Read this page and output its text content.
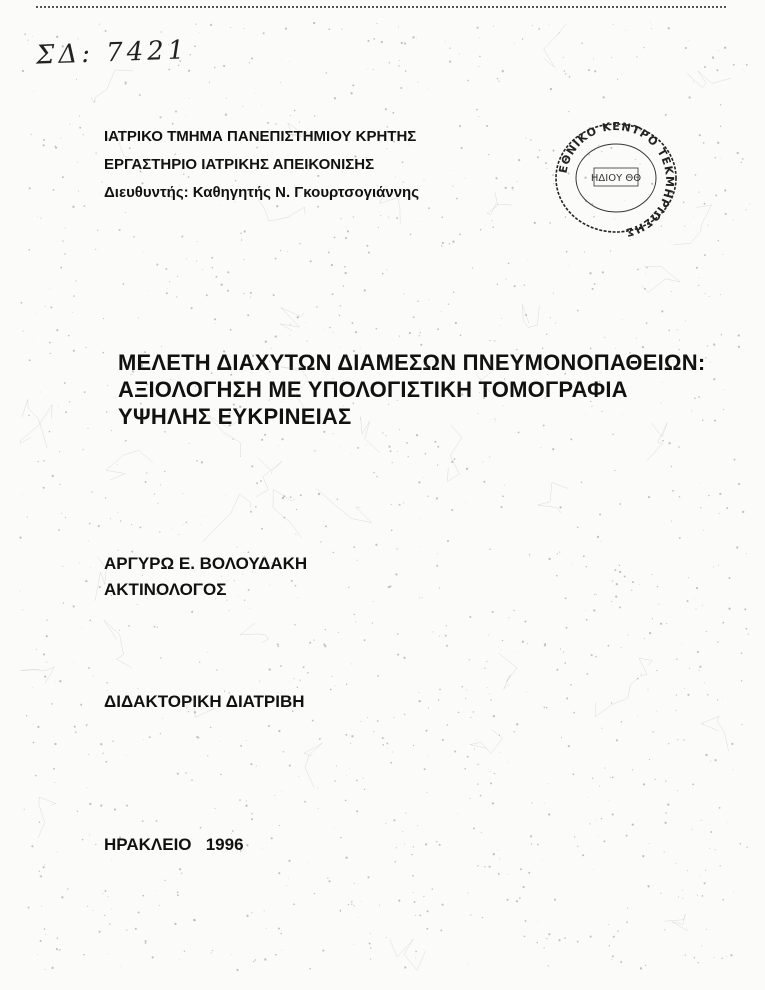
ΣΔ: 7421
ΙΑΤΡΙΚΟ ΤΜΗΜΑ ΠΑΝΕΠΙΣΤΗΜΙΟΥ ΚΡΗΤΗΣ
ΕΡΓΑΣΤΗΡΙΟ ΙΑΤΡΙΚΗΣ ΑΠΕΙΚΟΝΙΣΗΣ
Διευθυντής: Καθηγητής Ν. Γκουρτσογιάννης
ΕΘΝΙΚΟ ΚΕΝΤΡΟ ΤΕΚΜΗΡΙΩΣΗΣ
ΗΔΙΟΥ ΘΘ
ΜΕΛΕΤΗ ΔΙΑΧΥΤΩΝ ΔΙΑΜΕΣΩΝ ΠΝΕΥΜΟΝΟΠΑΘΕΙΩΝ:
ΑΞΙΟΛΟΓΗΣΗ ΜΕ ΥΠΟΛΟΓΙΣΤΙΚΗ ΤΟΜΟΓΡΑΦΙΑ
ΥΨΗΛΗΣ ΕΥΚΡΙΝΕΙΑΣ
ΑΡΓΥΡΩ Ε. ΒΟΛΟΥΔΑΚΗ
ΑΚΤΙΝΟΛΟΓΟΣ
ΔΙΔΑΚΤΟΡΙΚΗ ΔΙΑΤΡΙΒΗ
ΗΡΑΚΛΕΙΟ   1996
